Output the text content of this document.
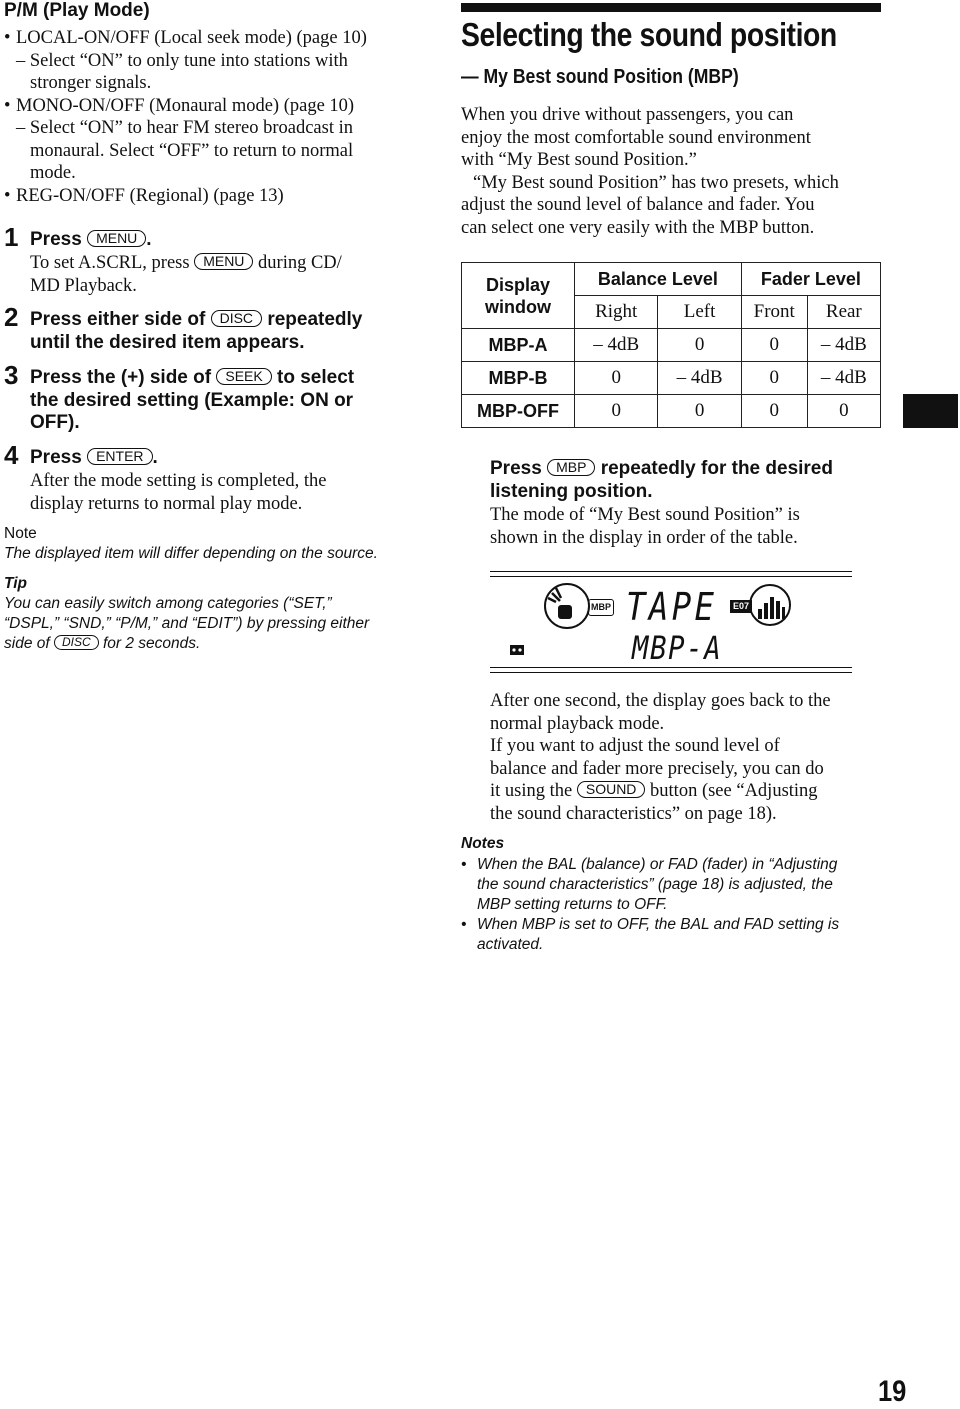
P/M (Play Mode)
• LOCAL-ON/OFF (Local seek mode) (page 10)
– Select “ON” to only tune into stations with
stronger signals.
• MONO-ON/OFF (Monaural mode) (page 10)
– Select “ON” to hear FM stereo broadcast in
monaural. Select “OFF” to return to normal
mode.
• REG-ON/OFF (Regional) (page 13)
1 Press MENU .
To set A.SCRL, press MENU during CD/
MD Playback.
2 Press either side of DISC repeatedly
until the desired item appears.
3 Press the (+) side of SEEK to select
the desired setting (Example: ON or
OFF).
4 Press ENTER .
After the mode setting is completed, the
display returns to normal play mode.
Note
The displayed item will differ depending on the source.
Tip
You can easily switch among categories (“SET,”
“DSPL,” “SND,” “P/M,” and “EDIT”) by pressing either
side of DISC for 2 seconds.
Selecting the sound position
— My Best sound Position (MBP)
When you drive without passengers, you can
enjoy the most comfortable sound environment
with “My Best sound Position.”
“My Best sound Position” has two presets, which
adjust the sound level of balance and fader. You
can select one very easily with the MBP button.
Display window	Balance Level		Fader Level	
	Right	Left	Front	Rear
MBP-A	– 4dB	0	0	– 4dB
MBP-B	0	– 4dB	0	– 4dB
MBP-OFF	0	0	0	0
Press MBP repeatedly for the desired
listening position.
The mode of “My Best sound Position” is
shown in the display in order of the table.
MBP TAPE	E07
MBP-A
After one second, the display goes back to the
normal playback mode.
If you want to adjust the sound level of
balance and fader more precisely, you can do
it using the SOUND button (see “Adjusting
the sound characteristics” on page 18).
Notes
• When the BAL (balance) or FAD (fader) in “Adjusting
the sound characteristics” (page 18) is adjusted, the
MBP setting returns to OFF.
• When MBP is set to OFF, the BAL and FAD setting is
activated.
19
